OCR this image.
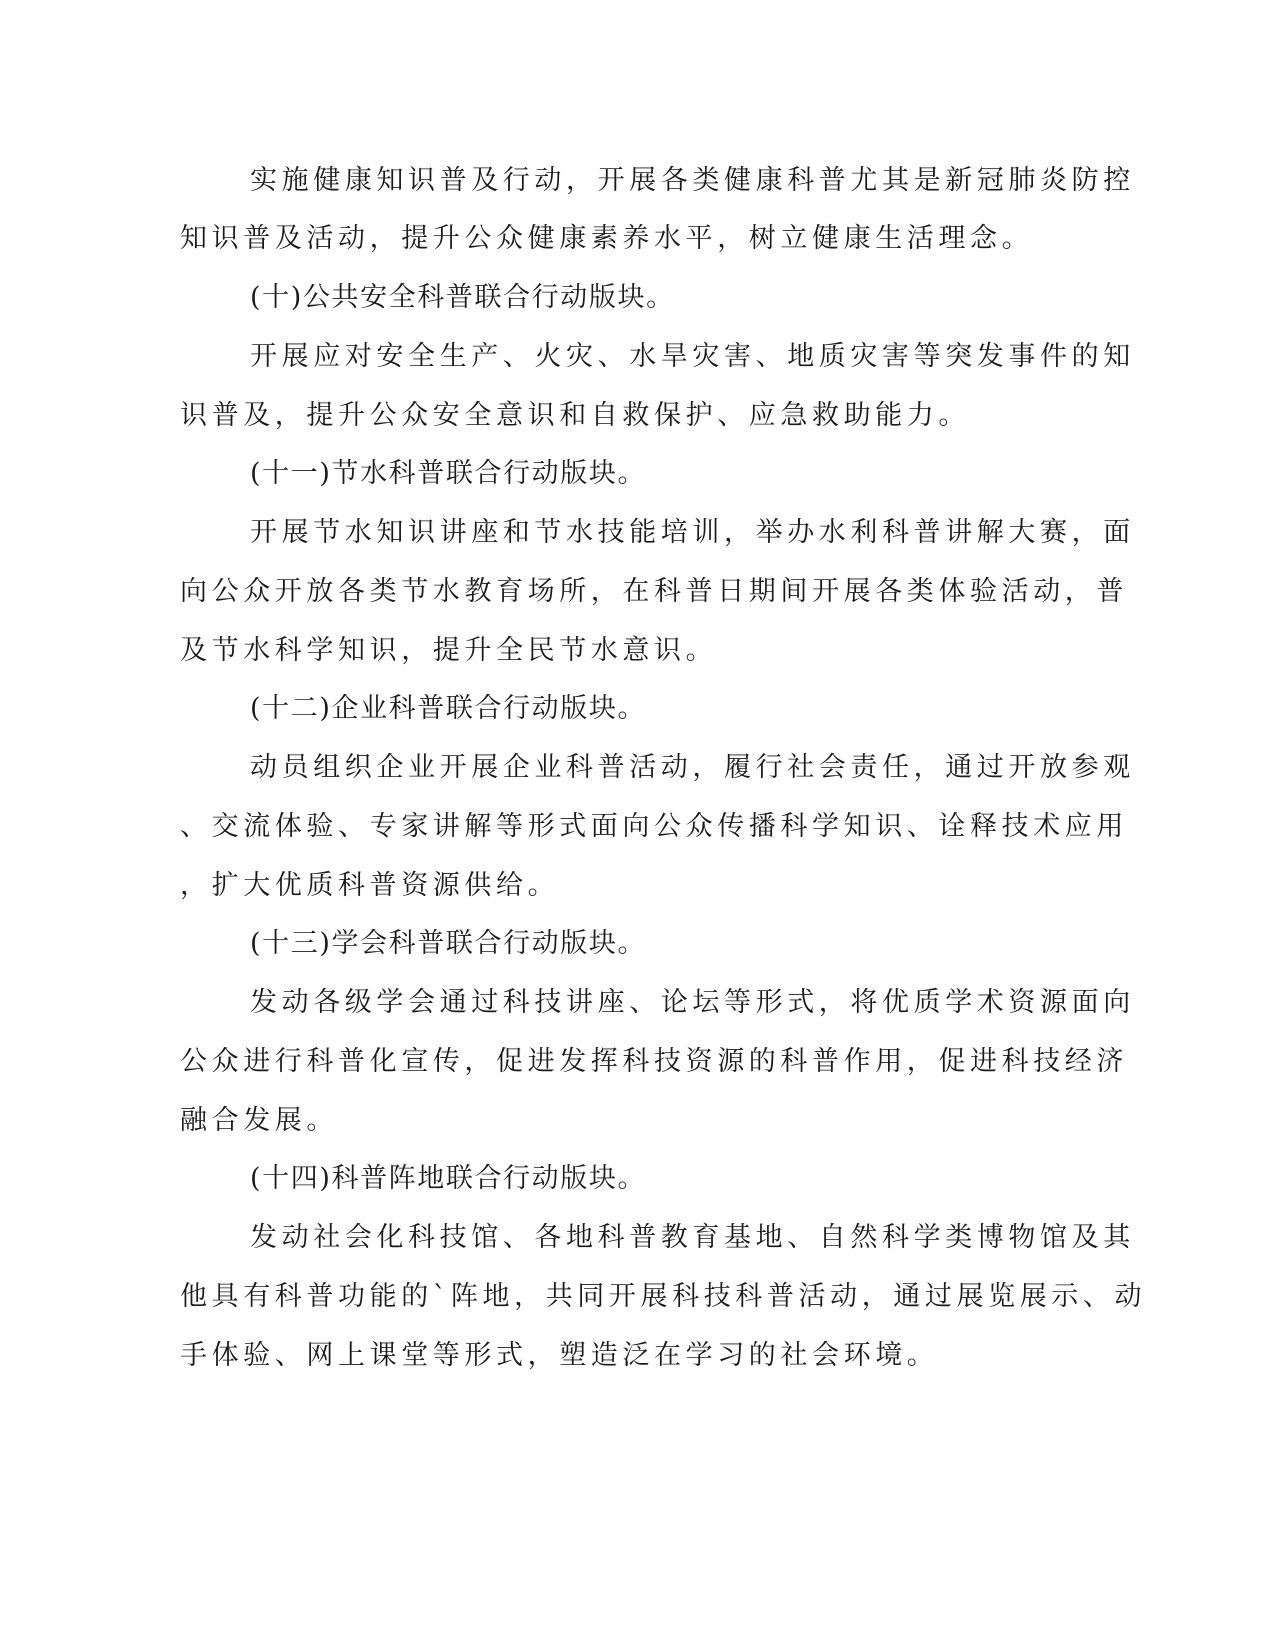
实施健康知识普及行动，开展各类健康科普尤其是新冠肺炎防控

知识普及活动，提升公众健康素养水平，树立健康生活理念。

(十)公共安全科普联合行动版块。

开展应对安全生产、火灾、水旱灾害、地质灾害等突发事件的知

识普及，提升公众安全意识和自救保护、应急救助能力。

(十一)节水科普联合行动版块。

开展节水知识讲座和节水技能培训，举办水利科普讲解大赛，面

向公众开放各类节水教育场所，在科普日期间开展各类体验活动，普

及节水科学知识，提升全民节水意识。

(十二)企业科普联合行动版块。

动员组织企业开展企业科普活动，履行社会责任，通过开放参观

、交流体验、专家讲解等形式面向公众传播科学知识、诠释技术应用

，扩大优质科普资源供给。

(十三)学会科普联合行动版块。

发动各级学会通过科技讲座、论坛等形式，将优质学术资源面向

公众进行科普化宣传，促进发挥科技资源的科普作用，促进科技经济

融合发展。

(十四)科普阵地联合行动版块。

发动社会化科技馆、各地科普教育基地、自然科学类博物馆及其

他具有科普功能的`阵地，共同开展科技科普活动，通过展览展示、动

手体验、网上课堂等形式，塑造泛在学习的社会环境。
